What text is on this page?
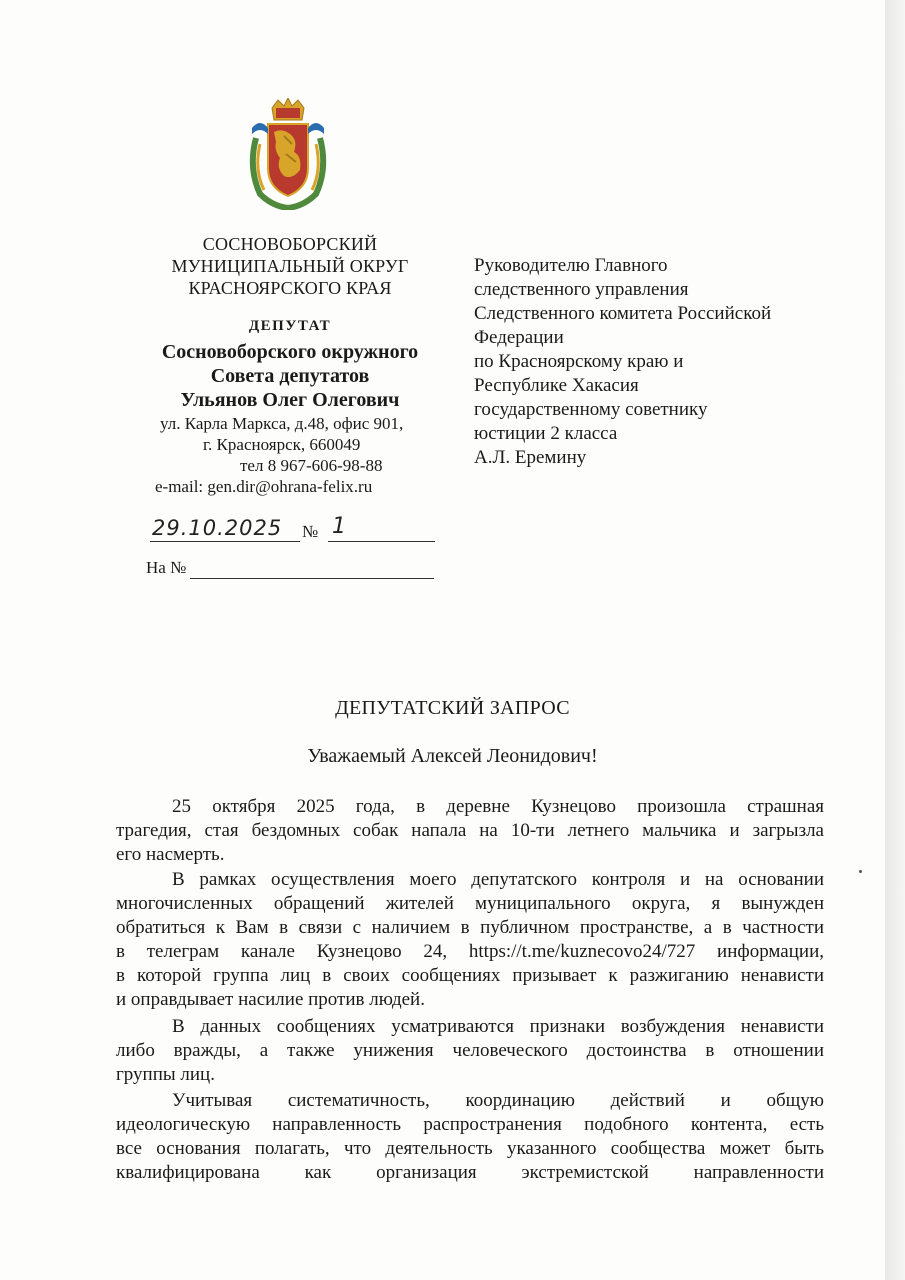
СОСНОВОБОРСКИЙ
МУНИЦИПАЛЬНЫЙ ОКРУГ
КРАСНОЯРСКОГО КРАЯ
ДЕПУТАТ
Сосновоборского окружного
Совета депутатов
Ульянов Олег Олегович
ул. Карла Маркса, д.48, офис 901,
г. Красноярск, 660049
тел 8 967-606-98-88
e-mail: gen.dir@ohrana-felix.ru
29.10.2025 № 1
На №
Руководителю Главного
следственного управления
Следственного комитета Российской
Федерации
по Красноярскому краю и
Республике Хакасия
государственному советнику
юстиции 2 класса
А.Л. Еремину
ДЕПУТАТСКИЙ ЗАПРОС
Уважаемый Алексей Леонидович!
25 октября 2025 года, в деревне Кузнецово произошла страшная
трагедия, стая бездомных собак напала на 10-ти летнего мальчика и загрызла
его насмерть.
В рамках осуществления моего депутатского контроля и на основании
многочисленных обращений жителей муниципального округа, я вынужден
обратиться к Вам в связи с наличием в публичном пространстве, а в частности
в телеграм канале Кузнецово 24, https://t.me/kuznecovo24/727 информации,
в которой группа лиц в своих сообщениях призывает к разжиганию ненависти
и оправдывает насилие против людей.
В данных сообщениях усматриваются признаки возбуждения ненависти
либо вражды, а также унижения человеческого достоинства в отношении
группы лиц.
Учитывая систематичность, координацию действий и общую
идеологическую направленность распространения подобного контента, есть
все основания полагать, что деятельность указанного сообщества может быть
квалифицирована как организация экстремистской направленности
